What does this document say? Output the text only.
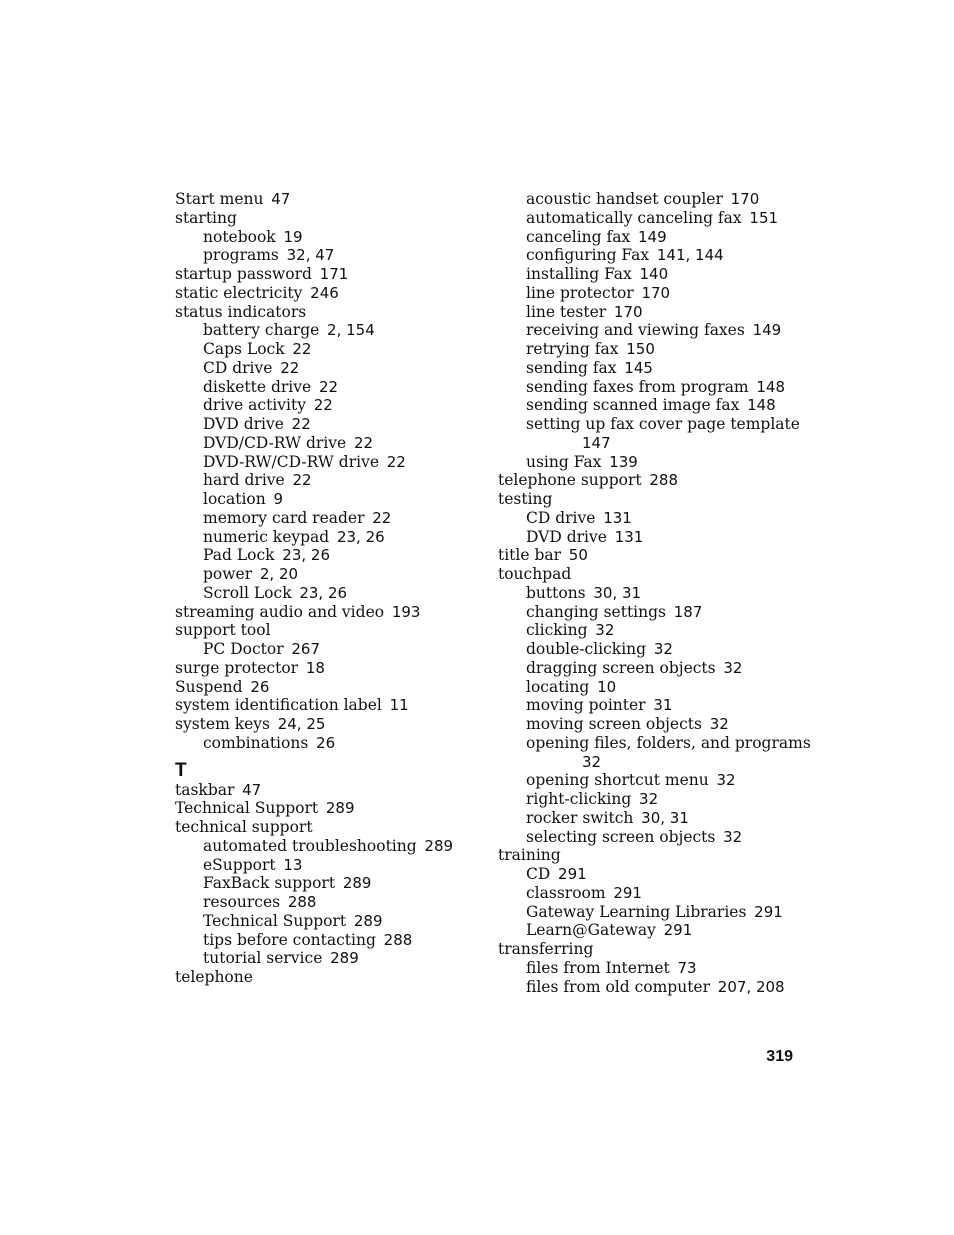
Start menu  47
starting
notebook  19
programs  32, 47
startup password  171
static electricity  246
status indicators
battery charge  2, 154
Caps Lock  22
CD drive  22
diskette drive  22
drive activity  22
DVD drive  22
DVD/CD-RW drive  22
DVD-RW/CD-RW drive  22
hard drive  22
location  9
memory card reader  22
numeric keypad  23, 26
Pad Lock  23, 26
power  2, 20
Scroll Lock  23, 26
streaming audio and video  193
support tool
PC Doctor  267
surge protector  18
Suspend  26
system identification label  11
system keys  24, 25
combinations  26
T
taskbar  47
Technical Support  289
technical support
automated troubleshooting  289
eSupport  13
FaxBack support  289
resources  288
Technical Support  289
tips before contacting  288
tutorial service  289
telephone
acoustic handset coupler  170
automatically canceling fax  151
canceling fax  149
configuring Fax  141, 144
installing Fax  140
line protector  170
line tester  170
receiving and viewing faxes  149
retrying fax  150
sending fax  145
sending faxes from program  148
sending scanned image fax  148
setting up fax cover page template
147
using Fax  139
telephone support  288
testing
CD drive  131
DVD drive  131
title bar  50
touchpad
buttons  30, 31
changing settings  187
clicking  32
double-clicking  32
dragging screen objects  32
locating  10
moving pointer  31
moving screen objects  32
opening files, folders, and programs
32
opening shortcut menu  32
right-clicking  32
rocker switch  30, 31
selecting screen objects  32
training
CD  291
classroom  291
Gateway Learning Libraries  291
Learn@Gateway  291
transferring
files from Internet  73
files from old computer  207, 208
319
